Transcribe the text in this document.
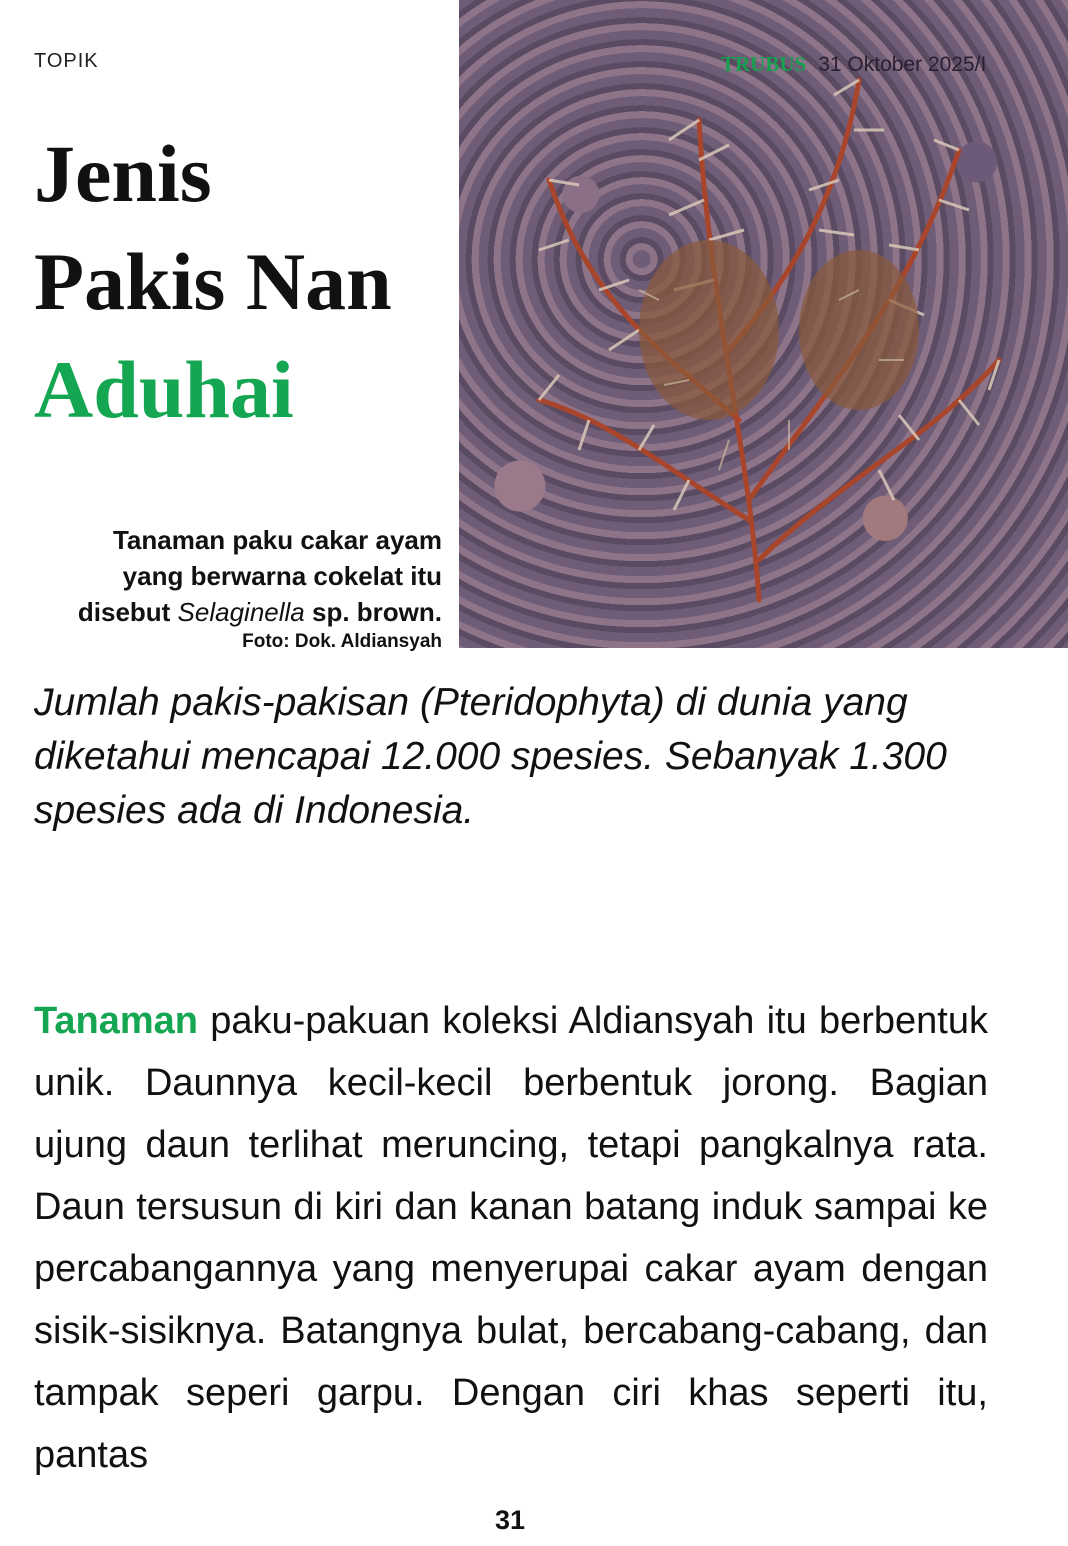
TOPIK
Jenis
Pakis Nan
Aduhai
TRUBUS 31 Oktober 2025/I
Tanaman paku cakar ayam
yang berwarna cokelat itu
disebut Selaginella sp. brown.
Foto: Dok. Aldiansyah
Jumlah pakis-pakisan (Pteridophyta) di dunia yang diketahui mencapai 12.000 spesies. Sebanyak 1.300 spesies ada di Indonesia.
Tanaman paku-pakuan koleksi Aldiansyah itu berbentuk unik. Daunnya kecil-kecil berbentuk jorong. Bagian ujung daun terlihat meruncing, tetapi pangkalnya rata. Daun tersusun di kiri dan kanan batang induk sampai ke percabangannya yang menyerupai cakar ayam dengan sisik-sisiknya. Batangnya bulat, bercabang-cabang, dan tampak seperi garpu. Dengan ciri khas seperti itu, pantas
31
